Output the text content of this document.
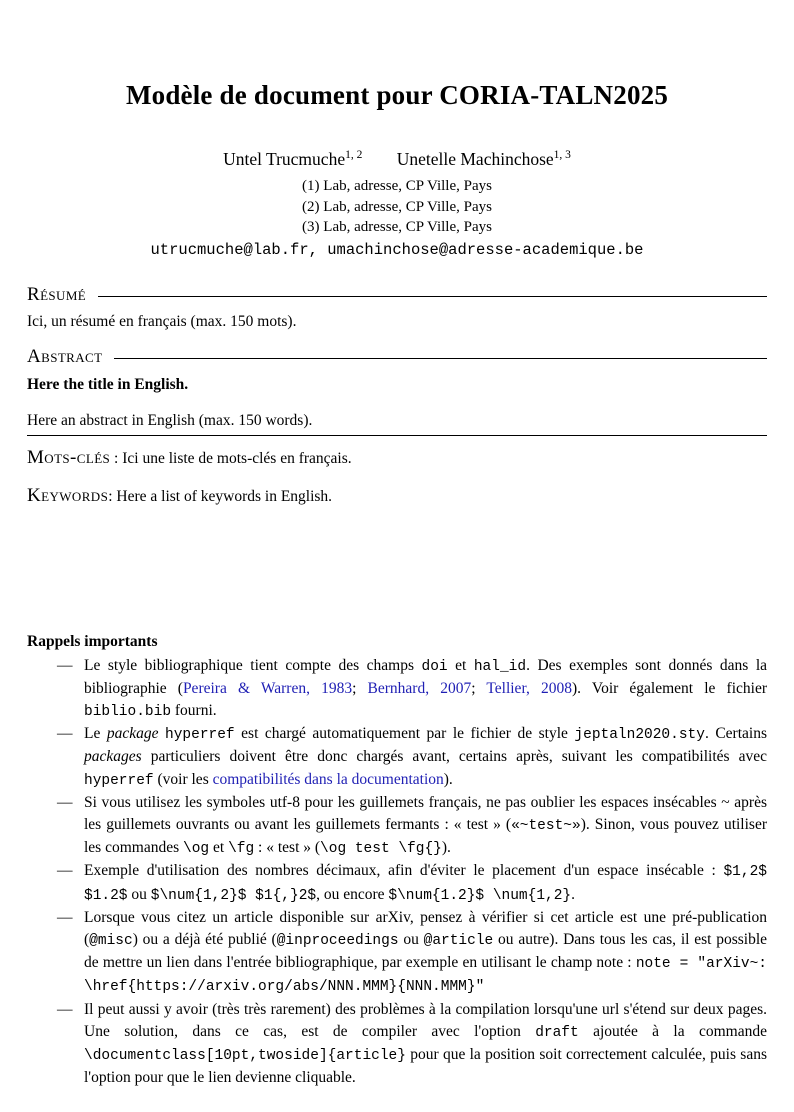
Modèle de document pour CORIA-TALN2025
Untel Trucmuche$^{1, 2}$ Unetelle Machinchose$^{1, 3}$
(1) Lab, adresse, CP Ville, Pays
(2) Lab, adresse, CP Ville, Pays
(3) Lab, adresse, CP Ville, Pays
utrucmuche@lab.fr, umachinchose@adresse-academique.be
Résumé

Ici, un résumé en français (max. 150 mots).

Abstract

Here the title in English.

Here an abstract in English (max. 150 words).

Mots-clés : Ici une liste de mots-clés en français.

Keywords: Here a list of keywords in English.

Rappels importants
— Le style bibliographique tient compte des champs doi et hal_id. Des exemples sont donnés dans la bibliographie (Pereira & Warren, 1983; Bernhard, 2007; Tellier, 2008). Voir également le fichier biblio.bib fourni.
— Le package hyperref est chargé automatiquement par le fichier de style jeptaln2020.sty. Certains packages particuliers doivent être donc chargés avant, certains après, suivant les compatibilités avec hyperref (voir les compatibilités dans la documentation).
— Si vous utilisez les symboles utf-8 pour les guillemets français, ne pas oublier les espaces insécables ~ après les guillemets ouvrants ou avant les guillemets fermants : « test » («~test~»). Sinon, vous pouvez utiliser les commandes \og et \fg : « test » (\og test \fg{}).
— Exemple d'utilisation des nombres décimaux, afin d'éviter le placement d'un espace insécable : $1,2$ $1.2$ ou $\num{1,2}$ $1{,}2$, ou encore $\num{1.2}$ \num{1,2}.
— Lorsque vous citez un article disponible sur arXiv, pensez à vérifier si cet article est une pré-publication (@misc) ou a déjà été publié (@inproceedings ou @article ou autre). Dans tous les cas, il est possible de mettre un lien dans l'entrée bibliographique, par exemple en utilisant le champ note : note = "arXiv~: \href{https://arxiv.org/abs/NNN.MMM}{NNN.MMM}"
— Il peut aussi y avoir (très très rarement) des problèmes à la compilation lorsqu'une url s'étend sur deux pages. Une solution, dans ce cas, est de compiler avec l'option draft ajoutée à la commande \documentclass[10pt,twoside]{article} pour que la position soit correctement calculée, puis sans l'option pour que le lien devienne cliquable.
